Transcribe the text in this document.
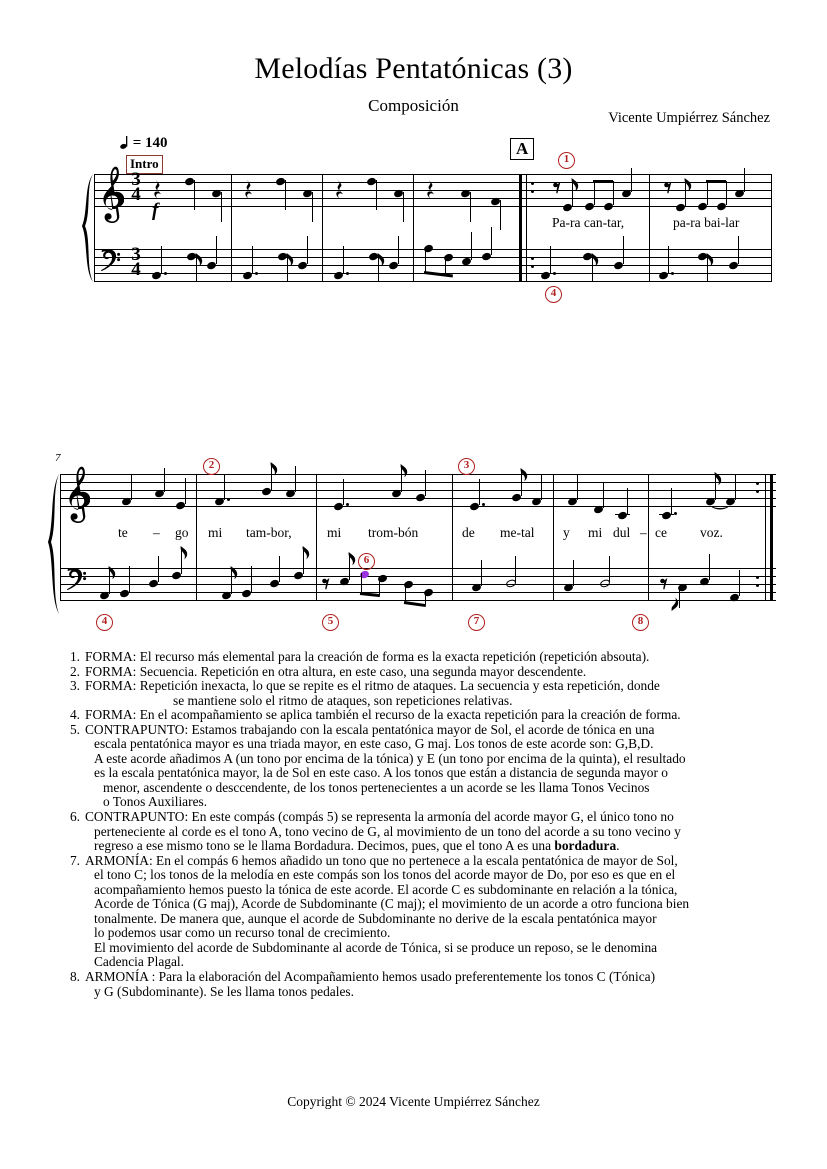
Melodías Pentatónicas (3)
Composición
Vicente Umpiérrez Sánchez
= 140
Intro
A
3
4
3
4
f
1
4
Pa-ra can-tar,	pa-ra bai-lar
7
2	3
4	5
6
7	8
te – go mi tam-bor,	mi trom-bón	de me-tal y mi dul – ce voz.
1. FORMA: El recurso más elemental para la creación de forma es la exacta repetición (repetición absouta).
2. FORMA: Secuencia. Repetición en otra altura, en este caso, una segunda mayor descendente.
3. FORMA: Repetición inexacta, lo que se repite es el ritmo de ataques. La secuencia y esta repetición, donde
se mantiene solo el ritmo de ataques, son repeticiones relativas.
4. FORMA: En el acompañamiento se aplica también el recurso de la exacta repetición para la creación de forma.
5. CONTRAPUNTO: Estamos trabajando con la escala pentatónica mayor de Sol, el acorde de tónica en una
escala pentatónica mayor es una triada mayor, en este caso, G maj. Los tonos de este acorde son: G,B,D.
A este acorde añadimos A (un tono por encima de la tónica) y E (un tono por encima de la quinta), el resultado
es la escala pentatónica mayor, la de Sol en este caso. A los tonos que están a distancia de segunda mayor o
menor, ascendente o desccendente, de los tonos pertenecientes a un acorde se les llama Tonos Vecinos
o Tonos Auxiliares.
6. CONTRAPUNTO: En este compás (compás 5) se representa la armonía del acorde mayor G, el único tono no
perteneciente al corde es el tono A, tono vecino de G, al movimiento de un tono del acorde a su tono vecino y
regreso a ese mismo tono se le llama Bordadura. Decimos, pues, que el tono A es una bordadura.
7. ARMONÍA: En el compás 6 hemos añadido un tono que no pertenece a la escala pentatónica de mayor de Sol,
el tono C; los tonos de la melodía en este compás son los tonos del acorde mayor de Do, por eso es que en el
acompañamiento hemos puesto la tónica de este acorde. El acorde C es subdominante en relación a la tónica,
Acorde de Tónica (G maj), Acorde de Subdominante (C maj); el movimiento de un acorde a otro funciona bien
tonalmente. De manera que, aunque el acorde de Subdominante no derive de la escala pentatónica mayor
lo podemos usar como un recurso tonal de crecimiento.
El movimiento del acorde de Subdominante al acorde de Tónica, si se produce un reposo, se le denomina
Cadencia Plagal.
8. ARMONÍA : Para la elaboración del Acompañamiento hemos usado preferentemente los tonos C (Tónica)
y G (Subdominante). Se les llama tonos pedales.
Copyright © 2024 Vicente Umpiérrez Sánchez
